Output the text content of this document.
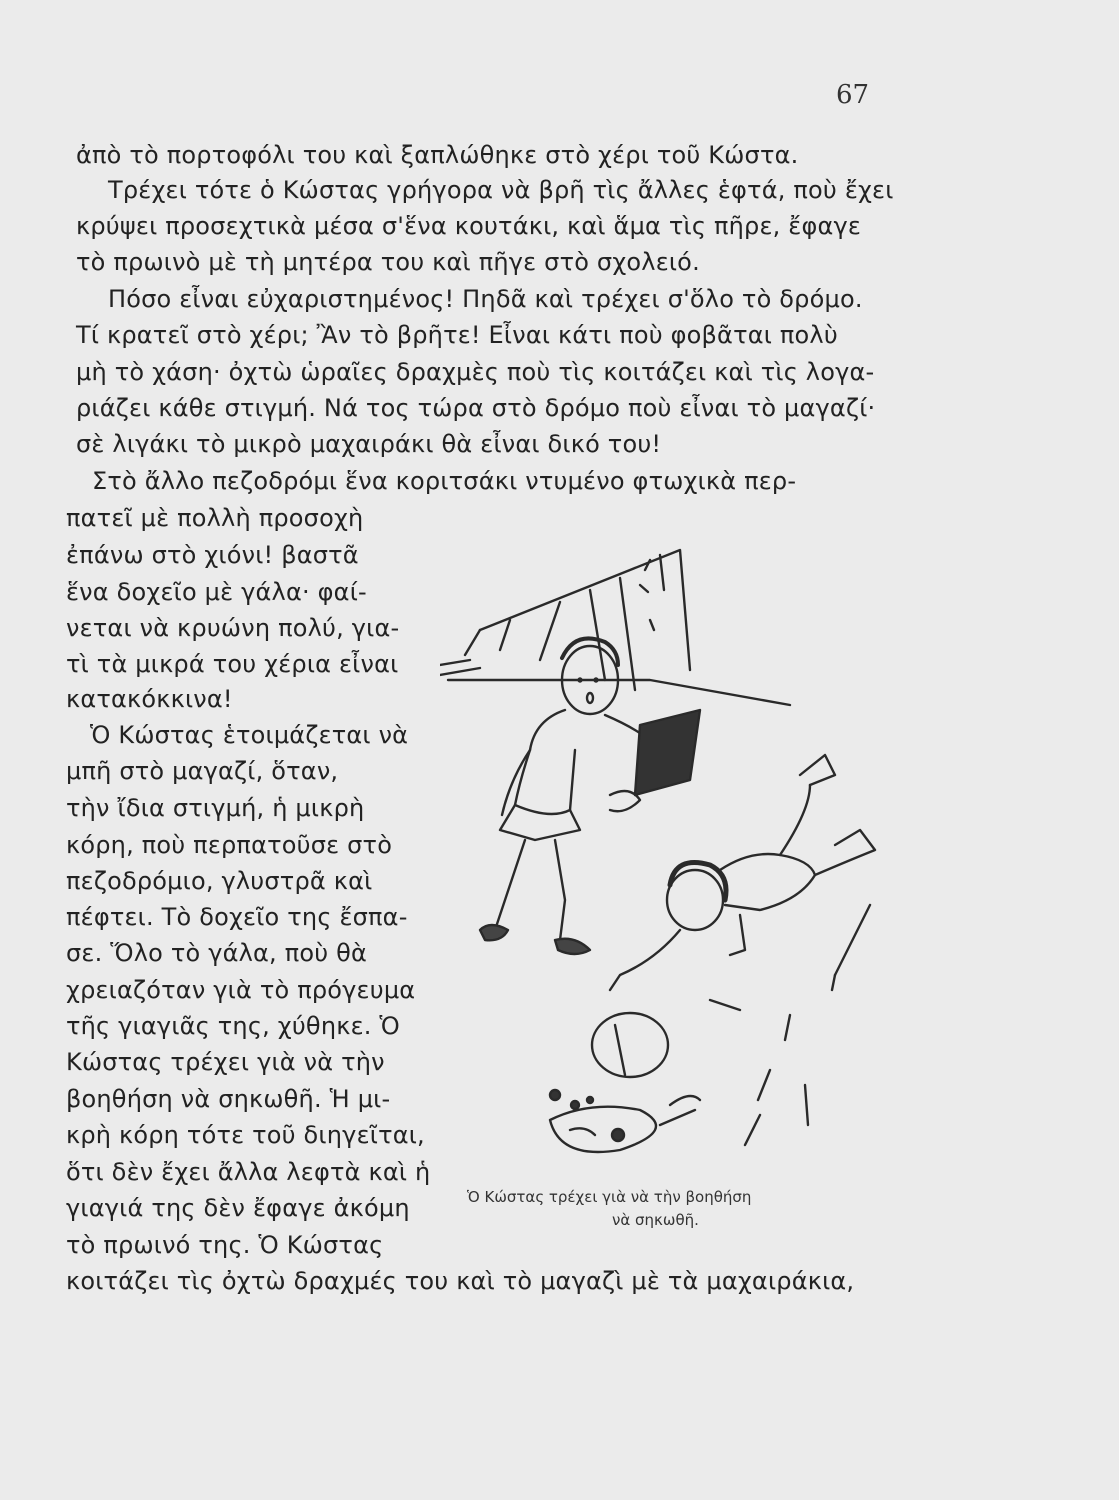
67
ἀπὸ τὸ πορτοφόλι του καὶ ξαπλώθηκε στὸ χέρι τοῦ Κώστα.
Τρέχει τότε ὁ Κώστας γρήγορα νὰ βρῆ τὶς ἄλλες ἑφτά, ποὺ ἔχει
κρύψει προσεχτικὰ μέσα σ'ἕνα κουτάκι, καὶ ἅμα τὶς πῆρε, ἔφαγε
τὸ πρωινὸ μὲ τὴ μητέρα του καὶ πῆγε στὸ σχολειό.
Πόσο εἶναι εὐχαριστημένος! Πηδᾶ καὶ τρέχει σ'ὅλο τὸ δρόμο.
Τί κρατεῖ στὸ χέρι; Ἂν τὸ βρῆτε! Εἶναι κάτι ποὺ φοβᾶται πολὺ
μὴ τὸ χάση· ὀχτὼ ὡραῖες δραχμὲς ποὺ τὶς κοιτάζει καὶ τὶς λογα-
ριάζει κάθε στιγμή. Νά τος τώρα στὸ δρόμο ποὺ εἶναι τὸ μαγαζί·
σὲ λιγάκι τὸ μικρὸ μαχαιράκι θὰ εἶναι δικό του!
Στὸ ἄλλο πεζοδρόμι ἕνα κοριτσάκι ντυμένο φτωχικὰ περ-
πατεῖ μὲ πολλὴ προσοχὴ
ἐπάνω στὸ χιόνι! βαστᾶ
ἕνα δοχεῖο μὲ γάλα· φαί-
νεται νὰ κρυώνη πολύ, για-
τὶ τὰ μικρά του χέρια εἶναι
κατακόκκινα!
Ὁ Κώστας ἑτοιμάζεται νὰ
μπῆ στὸ μαγαζί, ὅταν,
τὴν ἴδια στιγμή, ἡ μικρὴ
κόρη, ποὺ περπατοῦσε στὸ
πεζοδρόμιο, γλυστρᾶ καὶ
πέφτει. Τὸ δοχεῖο της ἔσπα-
σε. Ὅλο τὸ γάλα, ποὺ θὰ
χρειαζόταν γιὰ τὸ πρόγευμα
τῆς γιαγιᾶς της, χύθηκε. Ὁ
Κώστας τρέχει γιὰ νὰ τὴν
βοηθήση νὰ σηκωθῆ. Ἡ μι-
κρὴ κόρη τότε τοῦ διηγεῖται,
ὅτι δὲν ἔχει ἄλλα λεφτὰ καὶ ἡ
γιαγιά της δὲν ἔφαγε ἀκόμη
τὸ πρωινό της. Ὁ Κώστας
κοιτάζει τὶς ὀχτὼ δραχμές του καὶ τὸ μαγαζὶ μὲ τὰ μαχαιράκια,
Ὁ Κώστας τρέχει γιὰ νὰ τὴν βοηθήση
νὰ σηκωθῆ.
